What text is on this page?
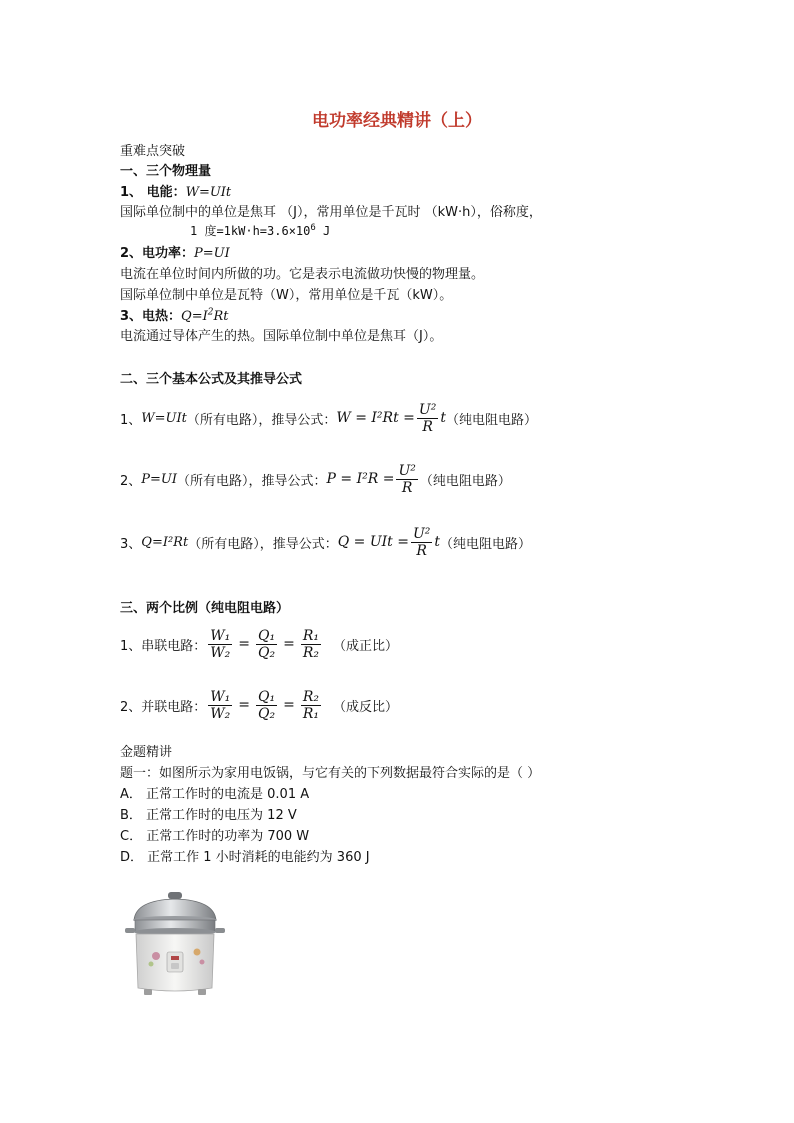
电功率经典精讲（上）
重难点突破
一、三个物理量
1、 电能：W=UIt
国际单位制中的单位是焦耳 （J），常用单位是千瓦时 （kW·h），俗称度，
1 度$=1kW\cdot h=3.6\times 10^6$ J
2、电功率：P=UI
电流在单位时间内所做的功。它是表示电流做功快慢的物理量。
国际单位制中单位是瓦特（W），常用单位是千瓦（kW）。
3、电热：$Q=I^2Rt$
电流通过导体产生的热。国际单位制中单位是焦耳（J）。
二、三个基本公式及其推导公式
1、 W=UIt （所有电路），推导公式： $W = I^2Rt = \frac{\text{U²}}{R}$ t （纯电阻电路）
2、 P=UI （所有电路），推导公式： $P = I^2R = \frac{\text{U²}}{R}$ （纯电阻电路）
3、 Q=I²Rt （所有电路），推导公式： Q = UIt = $\frac{\text{U²}}{R}$ t （纯电阻电路）
三、两个比例（纯电阻电路）
1、串联电路： $\frac{\text{W₁}}{\text{W₂}} = \frac{\text{Q₁}}{\text{Q₂}} = \frac{\text{R₁}}{\text{R₂}}$ （成正比）
2、并联电路： $\frac{\text{W₁}}{\text{W₂}} = \frac{\text{Q₁}}{\text{Q₂}} = \frac{\text{R₂}}{\text{R₁}}$ （成反比）
金题精讲
题一：如图所示为家用电饭锅，与它有关的下列数据最符合实际的是（ ）
A． 正常工作时的电流是 0.01 A
B． 正常工作时的电压为 12 V
C． 正常工作时的功率为 700 W
D． 正常工作 1 小时消耗的电能约为 360 J
